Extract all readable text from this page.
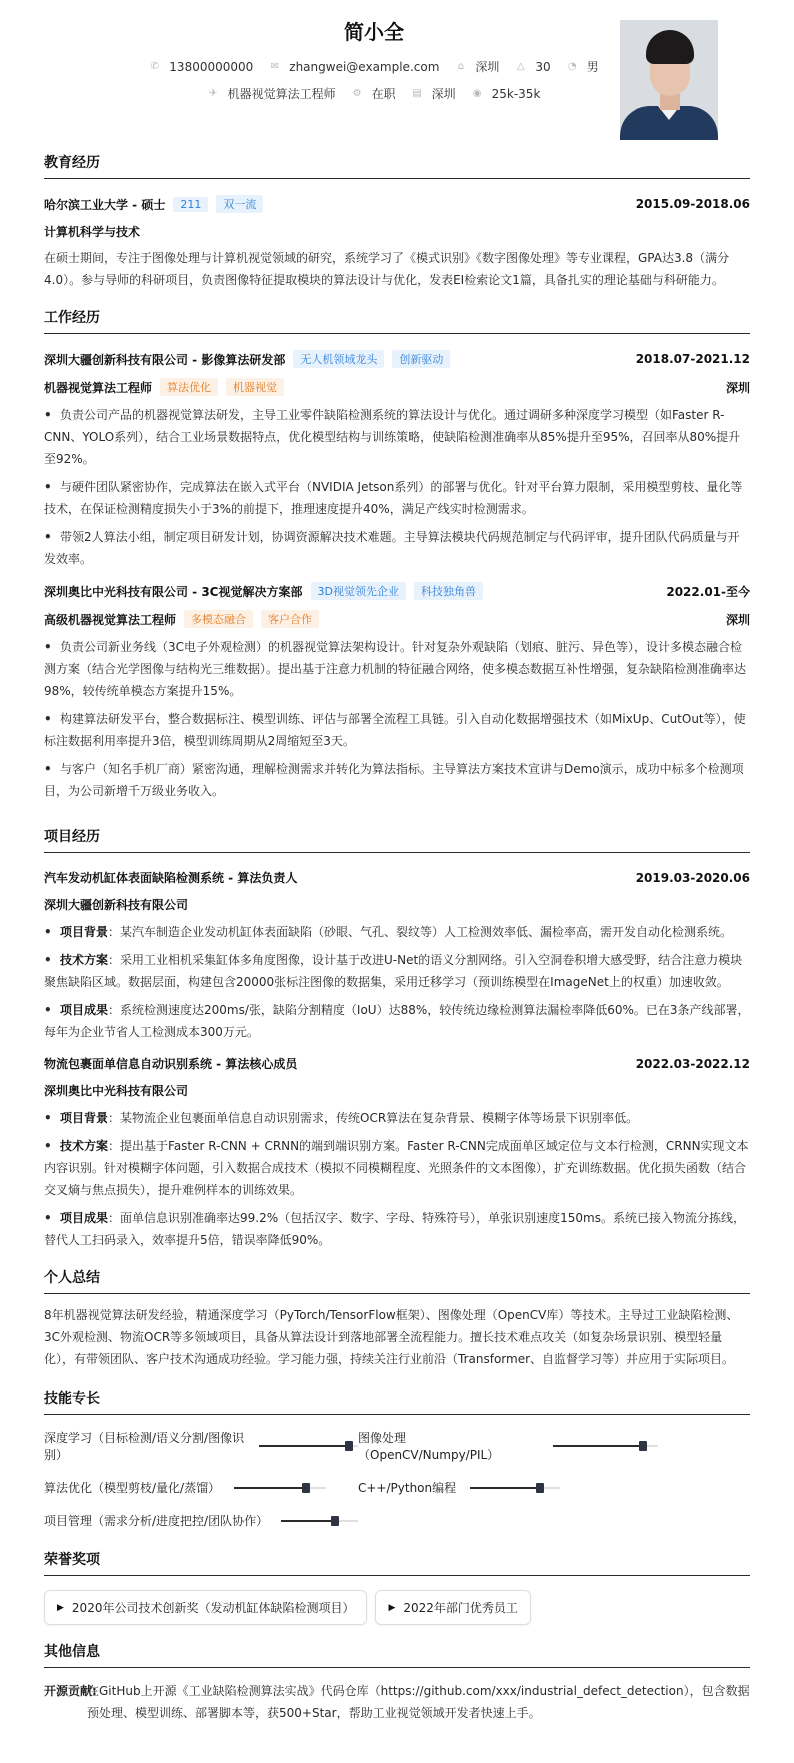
简小全
✆ 13800000000 ✉ zhangwei@example.com ⌂ 深圳 △ 30 ◔ 男
✈ 机器视觉算法工程师 ⚙ 在职 ▤ 深圳 ◉ 25k-35k
教育经历
哈尔滨工业大学 - 硕士	211	双一流	2015.09-2018.06
计算机科学与技术
在硕士期间，专注于图像处理与计算机视觉领域的研究，系统学习了《模式识别》《数字图像处理》等专业课程，GPA达3.8（满分4.0）。参与导师的科研项目，负责图像特征提取模块的算法设计与优化，发表EI检索论文1篇，具备扎实的理论基础与科研能力。
工作经历
深圳大疆创新科技有限公司 - 影像算法研发部	无人机领域龙头	创新驱动	2018.07-2021.12
机器视觉算法工程师	算法优化	机器视觉	深圳
• 负责公司产品的机器视觉算法研发，主导工业零件缺陷检测系统的算法设计与优化。通过调研多种深度学习模型（如Faster R-CNN、YOLO系列），结合工业场景数据特点，优化模型结构与训练策略，使缺陷检测准确率从85%提升至95%，召回率从80%提升至92%。
• 与硬件团队紧密协作，完成算法在嵌入式平台（NVIDIA Jetson系列）的部署与优化。针对平台算力限制，采用模型剪枝、量化等技术，在保证检测精度损失小于3%的前提下，推理速度提升40%，满足产线实时检测需求。
• 带领2人算法小组，制定项目研发计划，协调资源解决技术难题。主导算法模块代码规范制定与代码评审，提升团队代码质量与开发效率。
深圳奥比中光科技有限公司 - 3C视觉解决方案部	3D视觉领先企业	科技独角兽	2022.01-至今
高级机器视觉算法工程师	多模态融合	客户合作	深圳
• 负责公司新业务线（3C电子外观检测）的机器视觉算法架构设计。针对复杂外观缺陷（划痕、脏污、异色等），设计多模态融合检测方案（结合光学图像与结构光三维数据）。提出基于注意力机制的特征融合网络，使多模态数据互补性增强，复杂缺陷检测准确率达98%，较传统单模态方案提升15%。
• 构建算法研发平台，整合数据标注、模型训练、评估与部署全流程工具链。引入自动化数据增强技术（如MixUp、CutOut等），使标注数据利用率提升3倍，模型训练周期从2周缩短至3天。
• 与客户（知名手机厂商）紧密沟通，理解检测需求并转化为算法指标。主导算法方案技术宣讲与Demo演示，成功中标多个检测项目，为公司新增千万级业务收入。
项目经历
汽车发动机缸体表面缺陷检测系统 - 算法负责人	2019.03-2020.06
深圳大疆创新科技有限公司
• 项目背景：某汽车制造企业发动机缸体表面缺陷（砂眼、气孔、裂纹等）人工检测效率低、漏检率高，需开发自动化检测系统。
• 技术方案：采用工业相机采集缸体多角度图像，设计基于改进U-Net的语义分割网络。引入空洞卷积增大感受野，结合注意力模块聚焦缺陷区域。数据层面，构建包含20000张标注图像的数据集，采用迁移学习（预训练模型在ImageNet上的权重）加速收敛。
• 项目成果：系统检测速度达200ms/张，缺陷分割精度（IoU）达88%，较传统边缘检测算法漏检率降低60%。已在3条产线部署，每年为企业节省人工检测成本300万元。
物流包裹面单信息自动识别系统 - 算法核心成员	2022.03-2022.12
深圳奥比中光科技有限公司
• 项目背景：某物流企业包裹面单信息自动识别需求，传统OCR算法在复杂背景、模糊字体等场景下识别率低。
• 技术方案：提出基于Faster R-CNN + CRNN的端到端识别方案。Faster R-CNN完成面单区域定位与文本行检测，CRNN实现文本内容识别。针对模糊字体问题，引入数据合成技术（模拟不同模糊程度、光照条件的文本图像），扩充训练数据。优化损失函数（结合交叉熵与焦点损失），提升难例样本的训练效果。
• 项目成果：面单信息识别准确率达99.2%（包括汉字、数字、字母、特殊符号），单张识别速度150ms。系统已接入物流分拣线，替代人工扫码录入，效率提升5倍，错误率降低90%。
个人总结
8年机器视觉算法研发经验，精通深度学习（PyTorch/TensorFlow框架）、图像处理（OpenCV库）等技术。主导过工业缺陷检测、3C外观检测、物流OCR等多领域项目，具备从算法设计到落地部署全流程能力。擅长技术难点攻关（如复杂场景识别、模型轻量化），有带领团队、客户技术沟通成功经验。学习能力强，持续关注行业前沿（Transformer、自监督学习等）并应用于实际项目。
技能专长
深度学习（目标检测/语义分割/图像识别）
图像处理（OpenCV/Numpy/PIL）
算法优化（模型剪枝/量化/蒸馏）	C++/Python编程
项目管理（需求分析/进度把控/团队协作）
荣誉奖项
▶ 2020年公司技术创新奖（发动机缸体缺陷检测项目）	▶ 2022年部门优秀员工
其他信息
开源贡献:
在GitHub上开源《工业缺陷检测算法实战》代码仓库（https://github.com/xxx/industrial_defect_detection），包含数据预处理、模型训练、部署脚本等，获500+Star，帮助工业视觉领域开发者快速上手。
